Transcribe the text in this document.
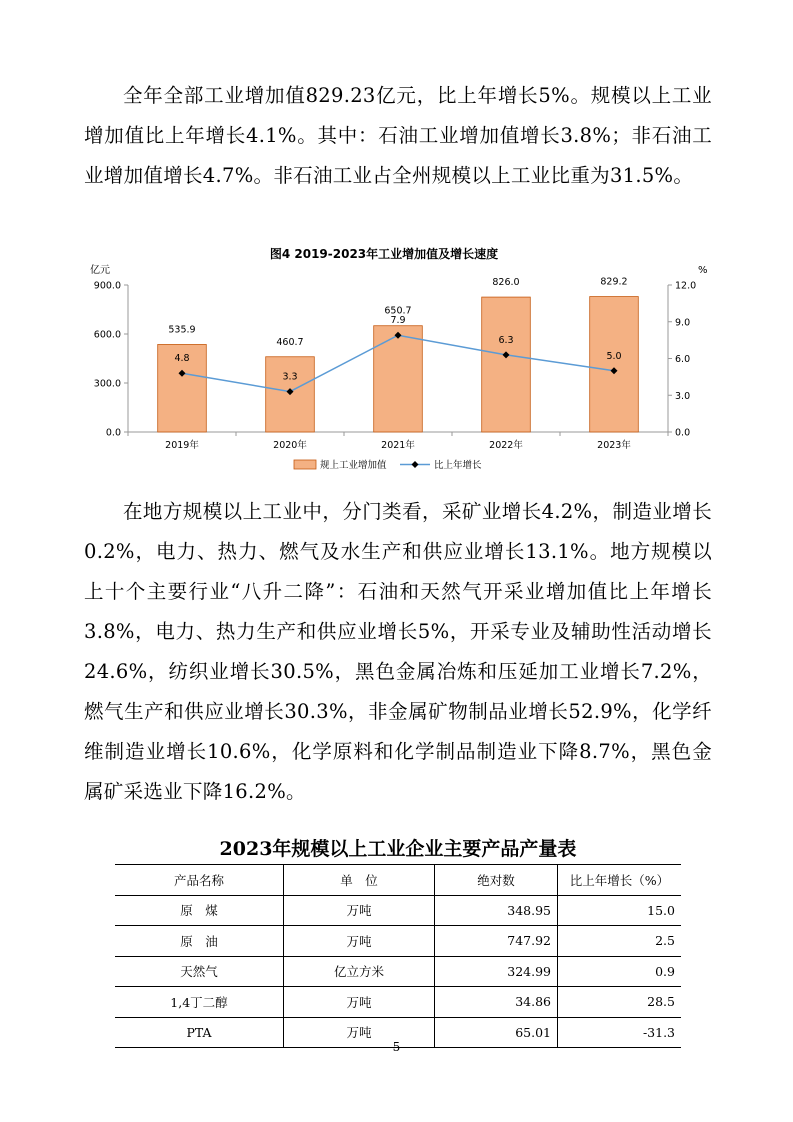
全年全部工业增加值829.23亿元，比上年增长5%。规模以上工业增加值比上年增长4.1%。其中：石油工业增加值增长3.8%；非石油工业增加值增长4.7%。非石油工业占全州规模以上工业比重为31.5%。

图4 2019-2023年工业增加值及增长速度
亿元	%
0.0
300.0
600.0
900.0
0.0
3.0
6.0
9.0
12.0
535.9
460.7
650.7
826.0	829.2
2019年	2020年	2021年	2022年	2023年
4.8
3.3
7.9
6.3
5.0
规上工业增加值	比上年增长

在地方规模以上工业中，分门类看，采矿业增长4.2%，制造业增长0.2%，电力、热力、燃气及水生产和供应业增长13.1%。地方规模以上十个主要行业“八升二降”：石油和天然气开采业增加值比上年增长3.8%，电力、热力生产和供应业增长5%，开采专业及辅助性活动增长24.6%，纺织业增长30.5%，黑色金属冶炼和压延加工业增长7.2%，燃气生产和供应业增长30.3%，非金属矿物制品业增长52.9%，化学纤维制造业增长10.6%，化学原料和化学制品制造业下降8.7%，黑色金属矿采选业下降16.2%。

2023年规模以上工业企业主要产品产量表

产品名称	单　位	绝对数	比上年增长（%）
原　煤	万吨	348.95	15.0
原　油	万吨	747.92	2.5
天然气	亿立方米	324.99	0.9
1,4丁二醇	万吨	34.86	28.5
PTA	万吨	65.01	-31.3

5
